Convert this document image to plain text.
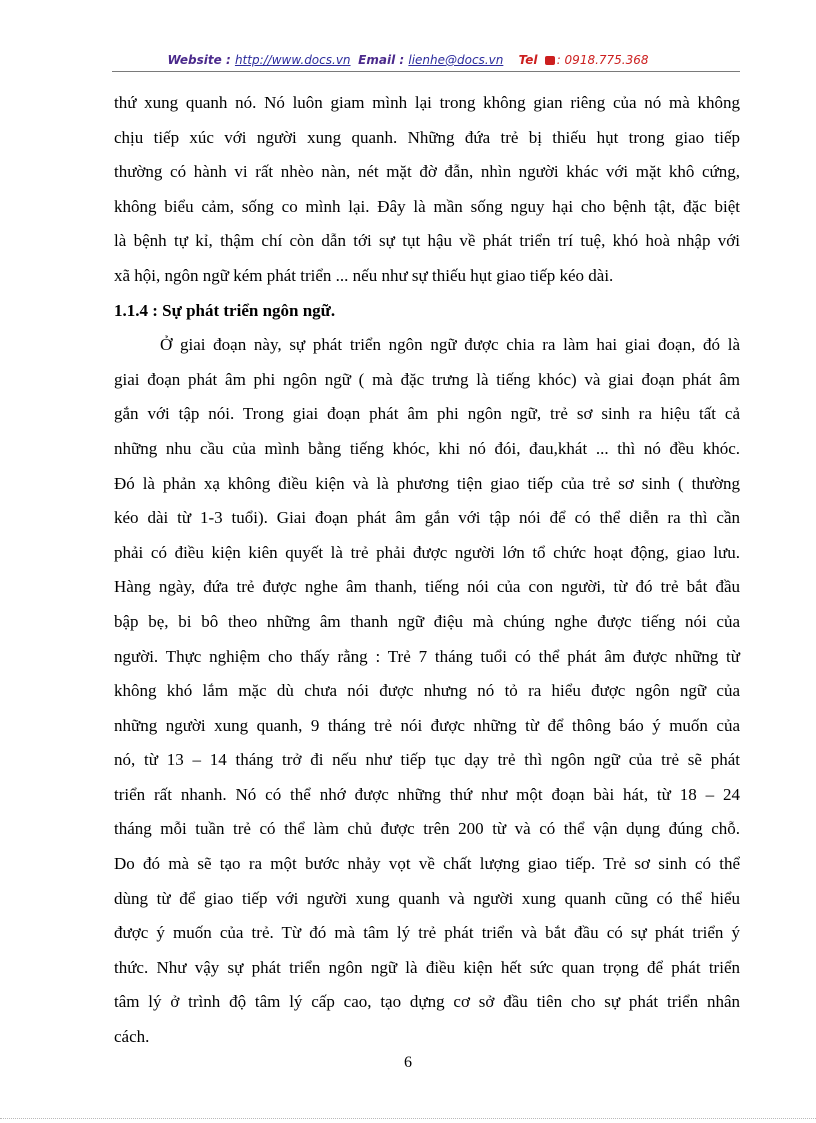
Website : http://www.docs.vn Email : lienhe@docs.vn Tel : 0918.775.368
thứ xung quanh nó. Nó luôn giam mình lại trong không gian riêng của nó mà không
chịu tiếp xúc với người xung quanh. Những đứa trẻ bị thiếu hụt trong giao tiếp
thường có hành vi rất nhèo nàn, nét mặt đờ đẫn, nhìn người khác với mặt khô cứng,
không biểu cảm, sống co mình lại. Đây là mần sống nguy hại cho bệnh tật, đặc biệt
là bệnh tự kỉ, thậm chí còn dẫn tới sự tụt hậu về phát triển trí tuệ, khó hoà nhập với
xã hội, ngôn ngữ kém phát triển ... nếu như sự thiếu hụt giao tiếp kéo dài.
1.1.4 : Sự phát triển ngôn ngữ.
Ở giai đoạn này, sự phát triển ngôn ngữ được chia ra làm hai giai đoạn, đó là
giai đoạn phát âm phi ngôn ngữ ( mà đặc trưng là tiếng khóc) và giai đoạn phát âm
gắn với tập nói. Trong giai đoạn phát âm phi ngôn ngữ, trẻ sơ sinh ra hiệu tất cả
những nhu cầu của mình bằng tiếng khóc, khi nó đói, đau,khát ... thì nó đều khóc.
Đó là phản xạ không điều kiện và là phương tiện giao tiếp của trẻ sơ sinh ( thường
kéo dài từ 1-3 tuổi). Giai đoạn phát âm gắn với tập nói để có thể diễn ra thì cần
phải có điều kiện kiên quyết là trẻ phải được người lớn tổ chức hoạt động, giao lưu.
Hàng ngày, đứa trẻ được nghe âm thanh, tiếng nói của con người, từ đó trẻ bắt đầu
bập bẹ, bi bô theo những âm thanh ngữ điệu mà chúng nghe được tiếng nói của
người. Thực nghiệm cho thấy rằng : Trẻ 7 tháng tuổi có thể phát âm được những từ
không khó lắm mặc dù chưa nói được nhưng nó tỏ ra hiểu được ngôn ngữ của
những người xung quanh, 9 tháng trẻ nói được những từ để thông báo ý muốn của
nó, từ 13 – 14 tháng trở đi nếu như tiếp tục dạy trẻ thì ngôn ngữ của trẻ sẽ phát
triển rất nhanh. Nó có thể nhớ được những thứ như một đoạn bài hát, từ 18 – 24
tháng mỗi tuần trẻ có thể làm chủ được trên 200 từ và có thể vận dụng đúng chỗ.
Do đó mà sẽ tạo ra một bước nhảy vọt về chất lượng giao tiếp. Trẻ sơ sinh có thể
dùng từ để giao tiếp với người xung quanh và người xung quanh cũng có thể hiểu
được ý muốn của trẻ. Từ đó mà tâm lý trẻ phát triển và bắt đầu có sự phát triển ý
thức. Như vậy sự phát triển ngôn ngữ là điều kiện hết sức quan trọng để phát triển
tâm lý ở trình độ tâm lý cấp cao, tạo dựng cơ sở đầu tiên cho sự phát triển nhân
cách.
6
